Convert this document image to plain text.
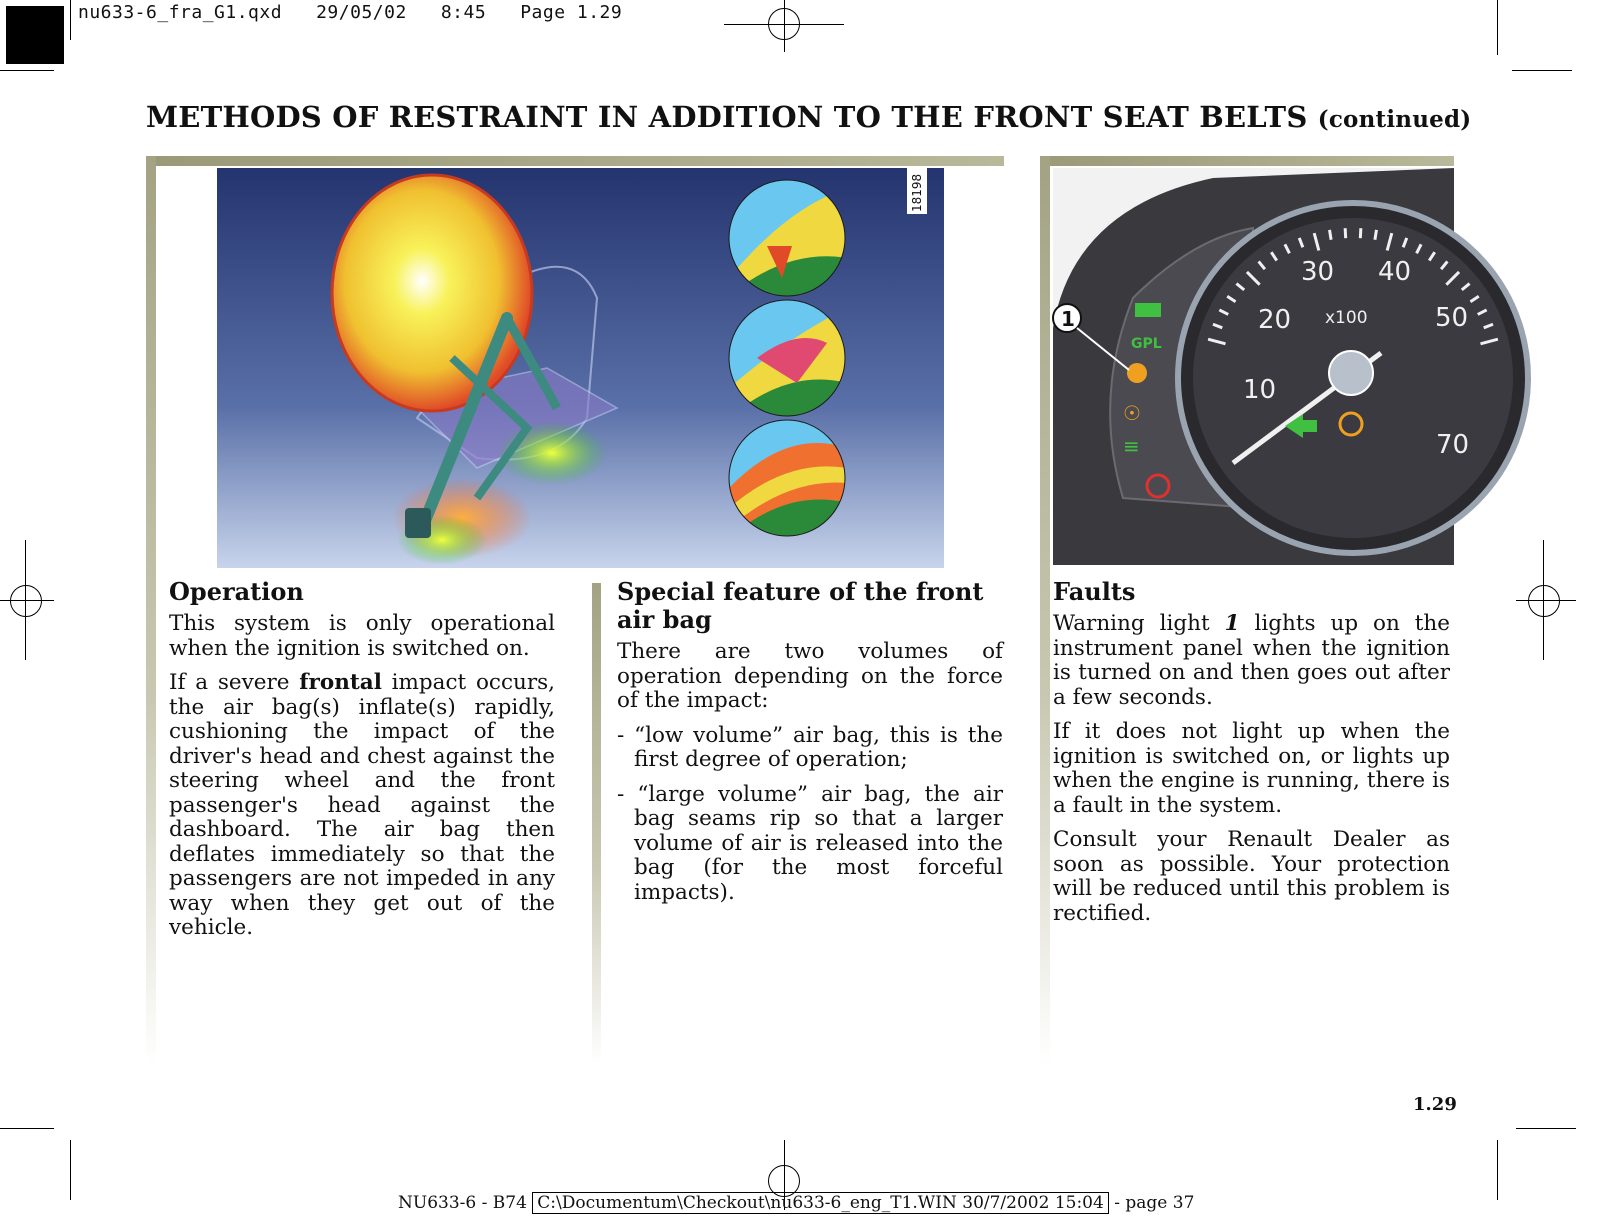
nu633-6_fra_G1.qxd 29/05/02 8:45 Page 1.29
METHODS OF RESTRAINT IN ADDITION TO THE FRONT SEAT BELTS (continued)
18198
Operation

This system is only operational when the ignition is switched on.

If a severe frontal impact occurs, the air bag(s) inflate(s) rapidly, cushioning the impact of the driver's head and chest against the steering wheel and the front passenger's head against the dashboard. The air bag then deflates immediately so that the passengers are not impeded in any way when they get out of the vehicle.

Special feature of the front air bag

There are two volumes of operation depending on the force of the impact:

- “low volume” air bag, this is the first degree of operation;

- “large volume” air bag, the air bag seams rip so that a larger volume of air is released into the bag (for the most forceful impacts).

10
20
30 40
50
70
x100
GPL
☉
≡
1
Faults

Warning light 1 lights up on the instrument panel when the ignition is turned on and then goes out after a few seconds.

If it does not light up when the ignition is switched on, or lights up when the engine is running, there is a fault in the system.

Consult your Renault Dealer as soon as possible. Your protection will be reduced until this problem is rectified.

1.29
NU633-6 - B74 C:\Documentum\Checkout\nu633-6_eng_T1.WIN 30/7/2002 15:04 - page 37
